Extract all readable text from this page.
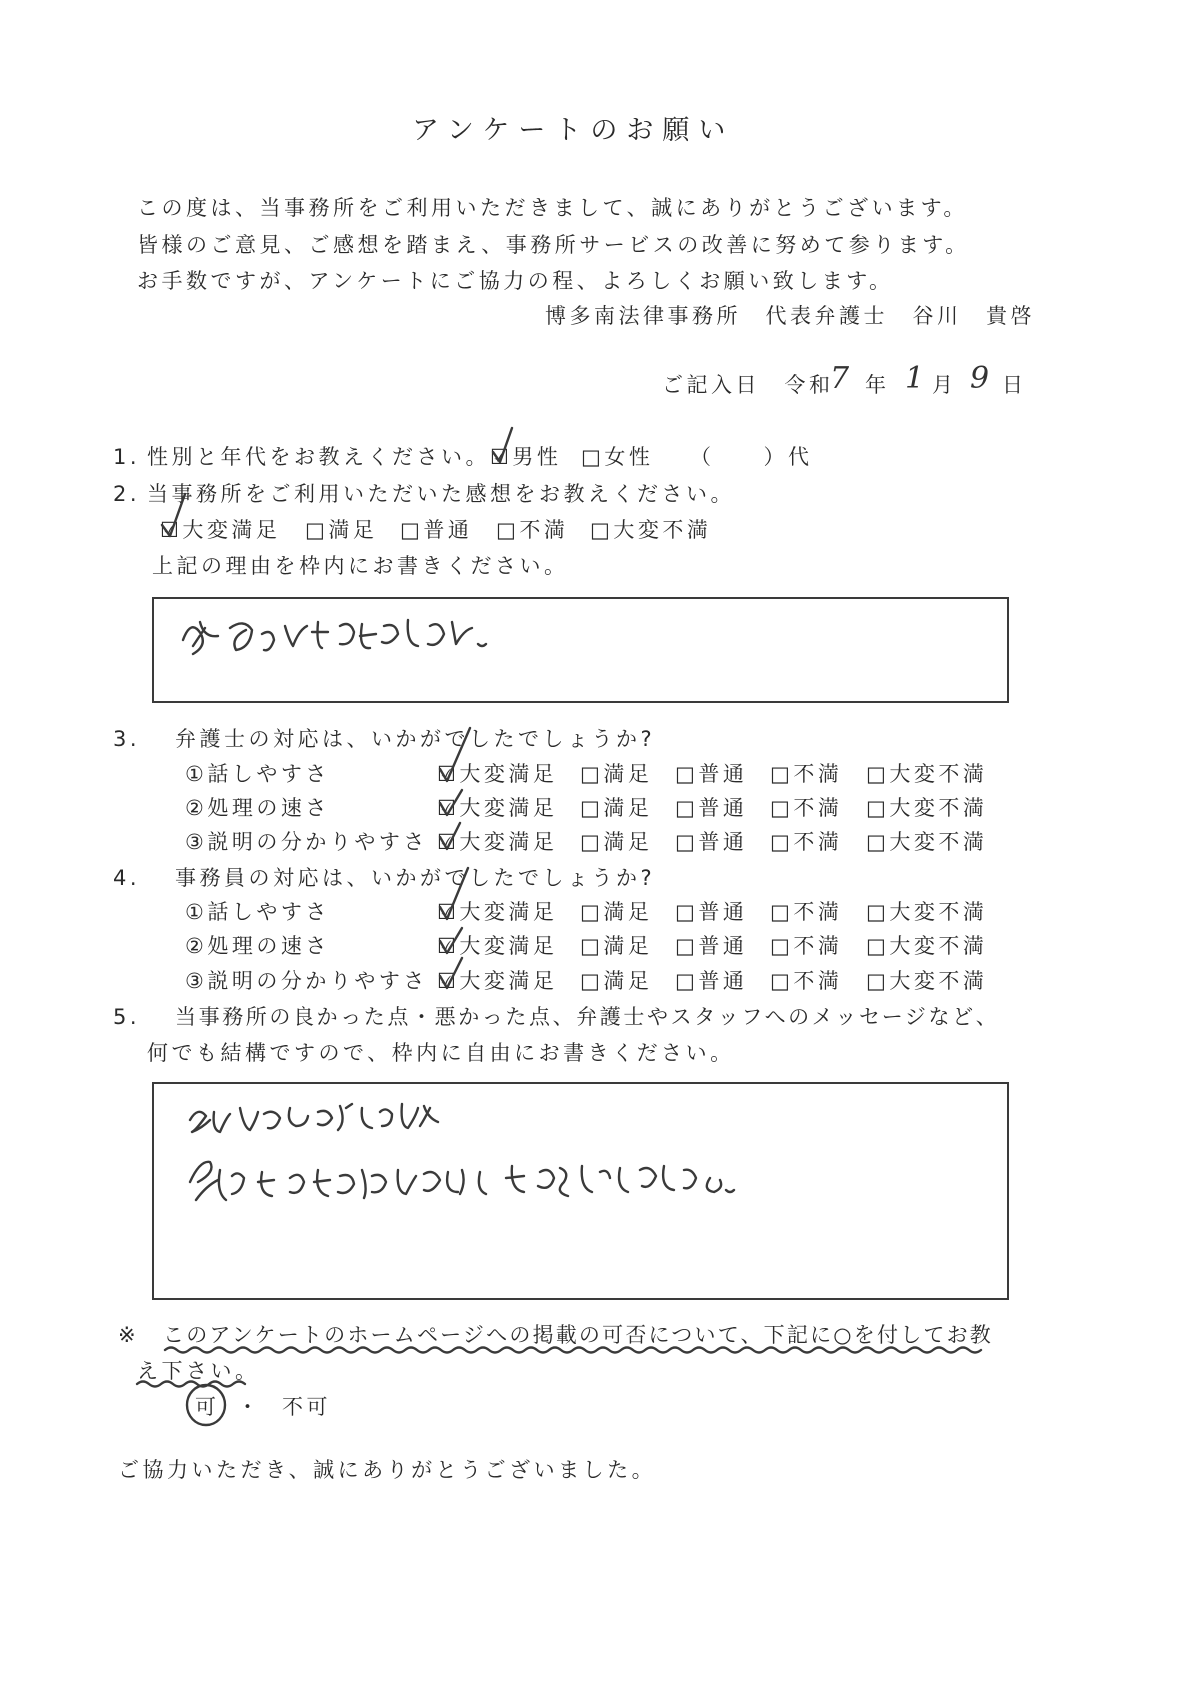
アンケートのお願い
この度は、当事務所をご利用いただきまして、誠にありがとうございます。
皆様のご意見、ご感想を踏まえ、事務所サービスの改善に努めて参ります。
お手数ですが、アンケートにご協力の程、よろしくお願い致します。
博多南法律事務所　代表弁護士　谷川　貴啓
ご記入日　令和
7 年 1 月 9 日
1. 性別と年代をお教えください。 ☑男性 □女性 （　　）代
2. 当事務所をご利用いただいた感想をお教えください。
☑大変満足 □満足 □普通 □不満 □大変不満
上記の理由を枠内にお書きください。
3. 弁護士の対応は、いかがでしたでしょうか?
①話しやすさ	☑大変満足 □満足 □普通 □不満 □大変不満
②処理の速さ	☑大変満足 □満足 □普通 □不満 □大変不満
③説明の分かりやすさ ☑大変満足 □満足 □普通 □不満 □大変不満
4. 事務員の対応は、いかがでしたでしょうか?
①話しやすさ	☑大変満足 □満足 □普通 □不満 □大変不満
②処理の速さ	☑大変満足 □満足 □普通 □不満 □大変不満
③説明の分かりやすさ ☑大変満足 □満足 □普通 □不満 □大変不満
5. 当事務所の良かった点・悪かった点、弁護士やスタッフへのメッセージなど、
何でも結構ですので、枠内に自由にお書きください。
※ このアンケートのホームページへの掲載の可否について、下記に○を付してお教
え下さい。
可 ・ 不可
ご協力いただき、誠にありがとうございました。
